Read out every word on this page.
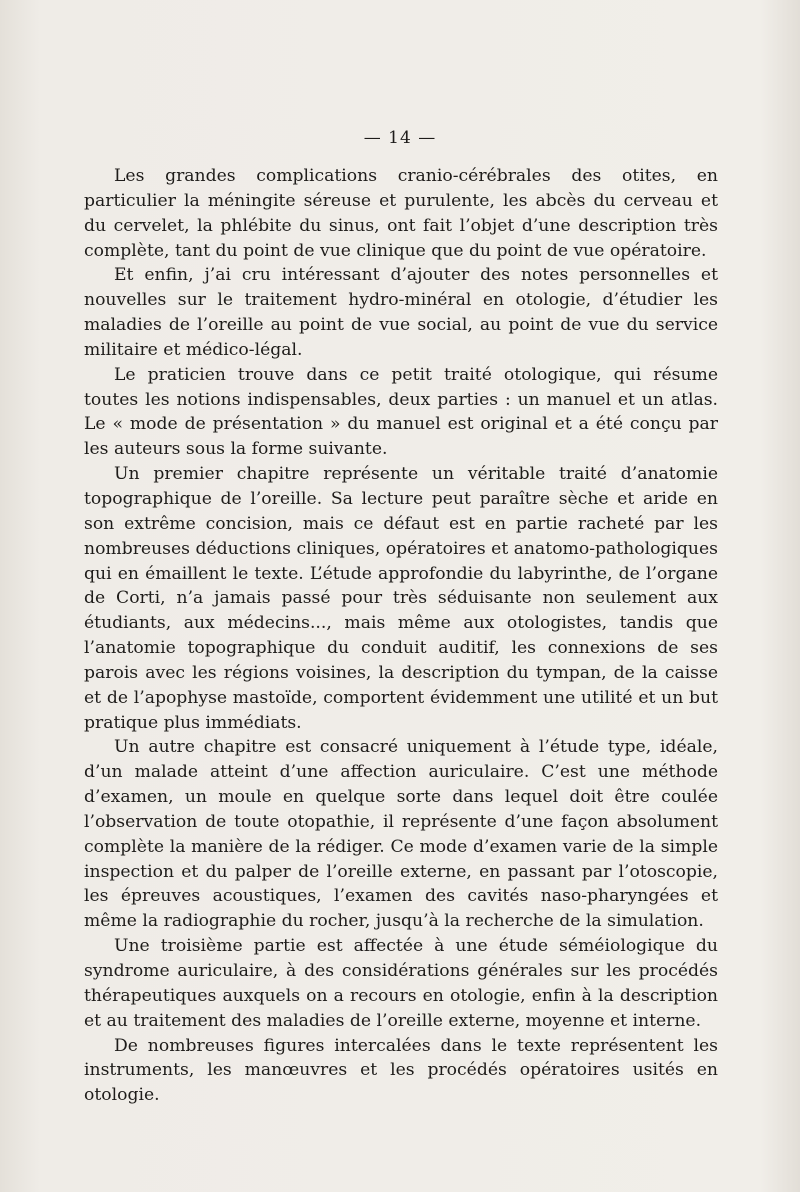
— 14 —

Les grandes complications cranio-cérébrales des otites, en particulier la méningite séreuse et purulente, les abcès du cerveau et du cervelet, la phlébite du sinus, ont fait l’objet d’une description très complète, tant du point de vue clinique que du point de vue opératoire.

Et enfin, j’ai cru intéressant d’ajouter des notes personnelles et nouvelles sur le traitement hydro-minéral en otologie, d’étudier les maladies de l’oreille au point de vue social, au point de vue du service militaire et médico-légal.

Le praticien trouve dans ce petit traité otologique, qui résume toutes les notions indispensables, deux parties : un manuel et un atlas. Le « mode de présentation » du manuel est original et a été conçu par les auteurs sous la forme suivante.

Un premier chapitre représente un véritable traité d’anatomie topographique de l’oreille. Sa lecture peut paraître sèche et aride en son extrême concision, mais ce défaut est en partie racheté par les nombreuses déductions cliniques, opératoires et anatomo-pathologiques qui en émaillent le texte. L’étude approfondie du labyrinthe, de l’organe de Corti, n’a jamais passé pour très séduisante non seulement aux étudiants, aux médecins..., mais même aux otologistes, tandis que l’anatomie topographique du conduit auditif, les connexions de ses parois avec les régions voisines, la description du tympan, de la caisse et de l’apophyse mastoïde, comportent évidemment une utilité et un but pratique plus immédiats.

Un autre chapitre est consacré uniquement à l’étude type, idéale, d’un malade atteint d’une affection auriculaire. C’est une méthode d’examen, un moule en quelque sorte dans lequel doit être coulée l’observation de toute otopathie, il représente d’une façon absolument complète la manière de la rédiger. Ce mode d’examen varie de la simple inspection et du palper de l’oreille externe, en passant par l’otoscopie, les épreuves acoustiques, l’examen des cavités naso-pharyngées et même la radiographie du rocher, jusqu’à la recherche de la simulation.

Une troisième partie est affectée à une étude séméiologique du syndrome auriculaire, à des considérations générales sur les procédés thérapeutiques auxquels on a recours en otologie, enfin à la description et au traitement des maladies de l’oreille externe, moyenne et interne.

De nombreuses figures intercalées dans le texte représentent les instruments, les manœuvres et les procédés opératoires usités en otologie.
